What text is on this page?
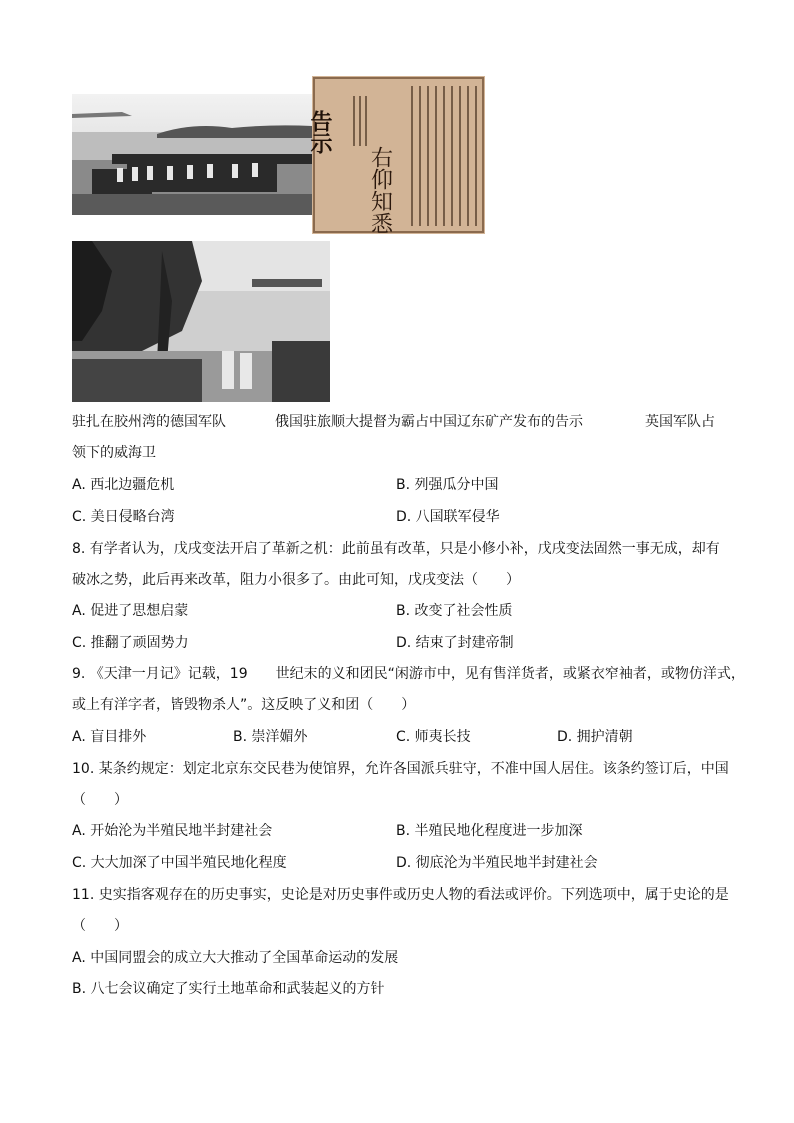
告示
右仰知悉
驻扎在胶州湾的德国军队	俄国驻旅顺大提督为霸占中国辽东矿产发布的告示	英国军队占
领下的威海卫
A. 西北边疆危机	B. 列强瓜分中国
C. 美日侵略台湾	D. 八国联军侵华
8. 有学者认为，戊戌变法开启了革新之机：此前虽有改革，只是小修小补，戊戌变法固然一事无成，却有
破冰之势，此后再来改革，阻力小很多了。由此可知，戊戌变法（　　）
A. 促进了思想启蒙	B. 改变了社会性质
C. 推翻了顽固势力	D. 结束了封建帝制
9. 《天津一月记》记载，19　　世纪末的义和团民“闲游市中，见有售洋货者，或紧衣窄袖者，或物仿洋式，
或上有洋字者，皆毁物杀人”。这反映了义和团（　　）
A. 盲目排外	B. 崇洋媚外	C. 师夷长技	D. 拥护清朝
10. 某条约规定：划定北京东交民巷为使馆界，允许各国派兵驻守，不准中国人居住。该条约签订后，中国
（　　）
A. 开始沦为半殖民地半封建社会	B. 半殖民地化程度进一步加深
C. 大大加深了中国半殖民地化程度	D. 彻底沦为半殖民地半封建社会
11. 史实指客观存在的历史事实，史论是对历史事件或历史人物的看法或评价。下列选项中，属于史论的是
（　　）
A. 中国同盟会的成立大大推动了全国革命运动的发展
B. 八七会议确定了实行土地革命和武装起义的方针
